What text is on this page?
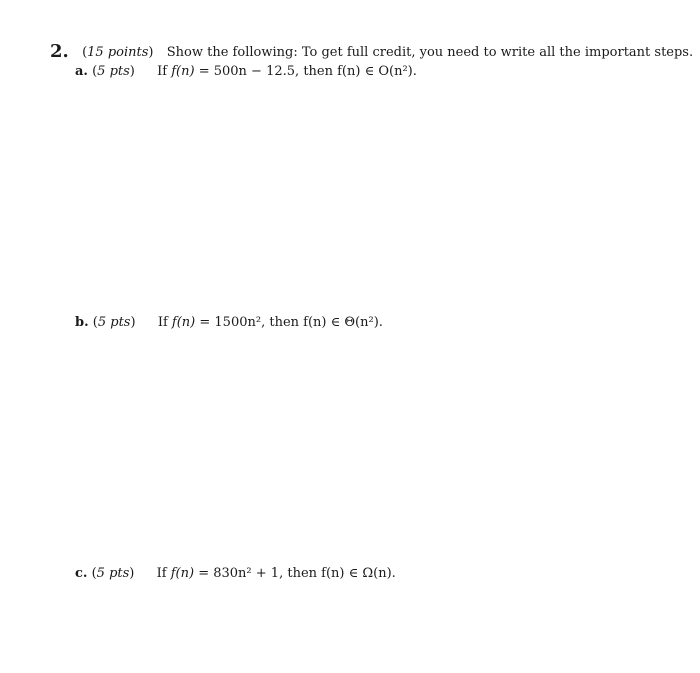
2.  (15 points)  Show the following: To get full credit, you need to write all the important steps.
a. (5 pts)  If f(n) = 500n − 12.5, then f(n) ∈ O(n²).
b. (5 pts)  If f(n) = 1500n², then f(n) ∈ Θ(n²).
c. (5 pts)  If f(n) = 830n² + 1, then f(n) ∈ Ω(n).
